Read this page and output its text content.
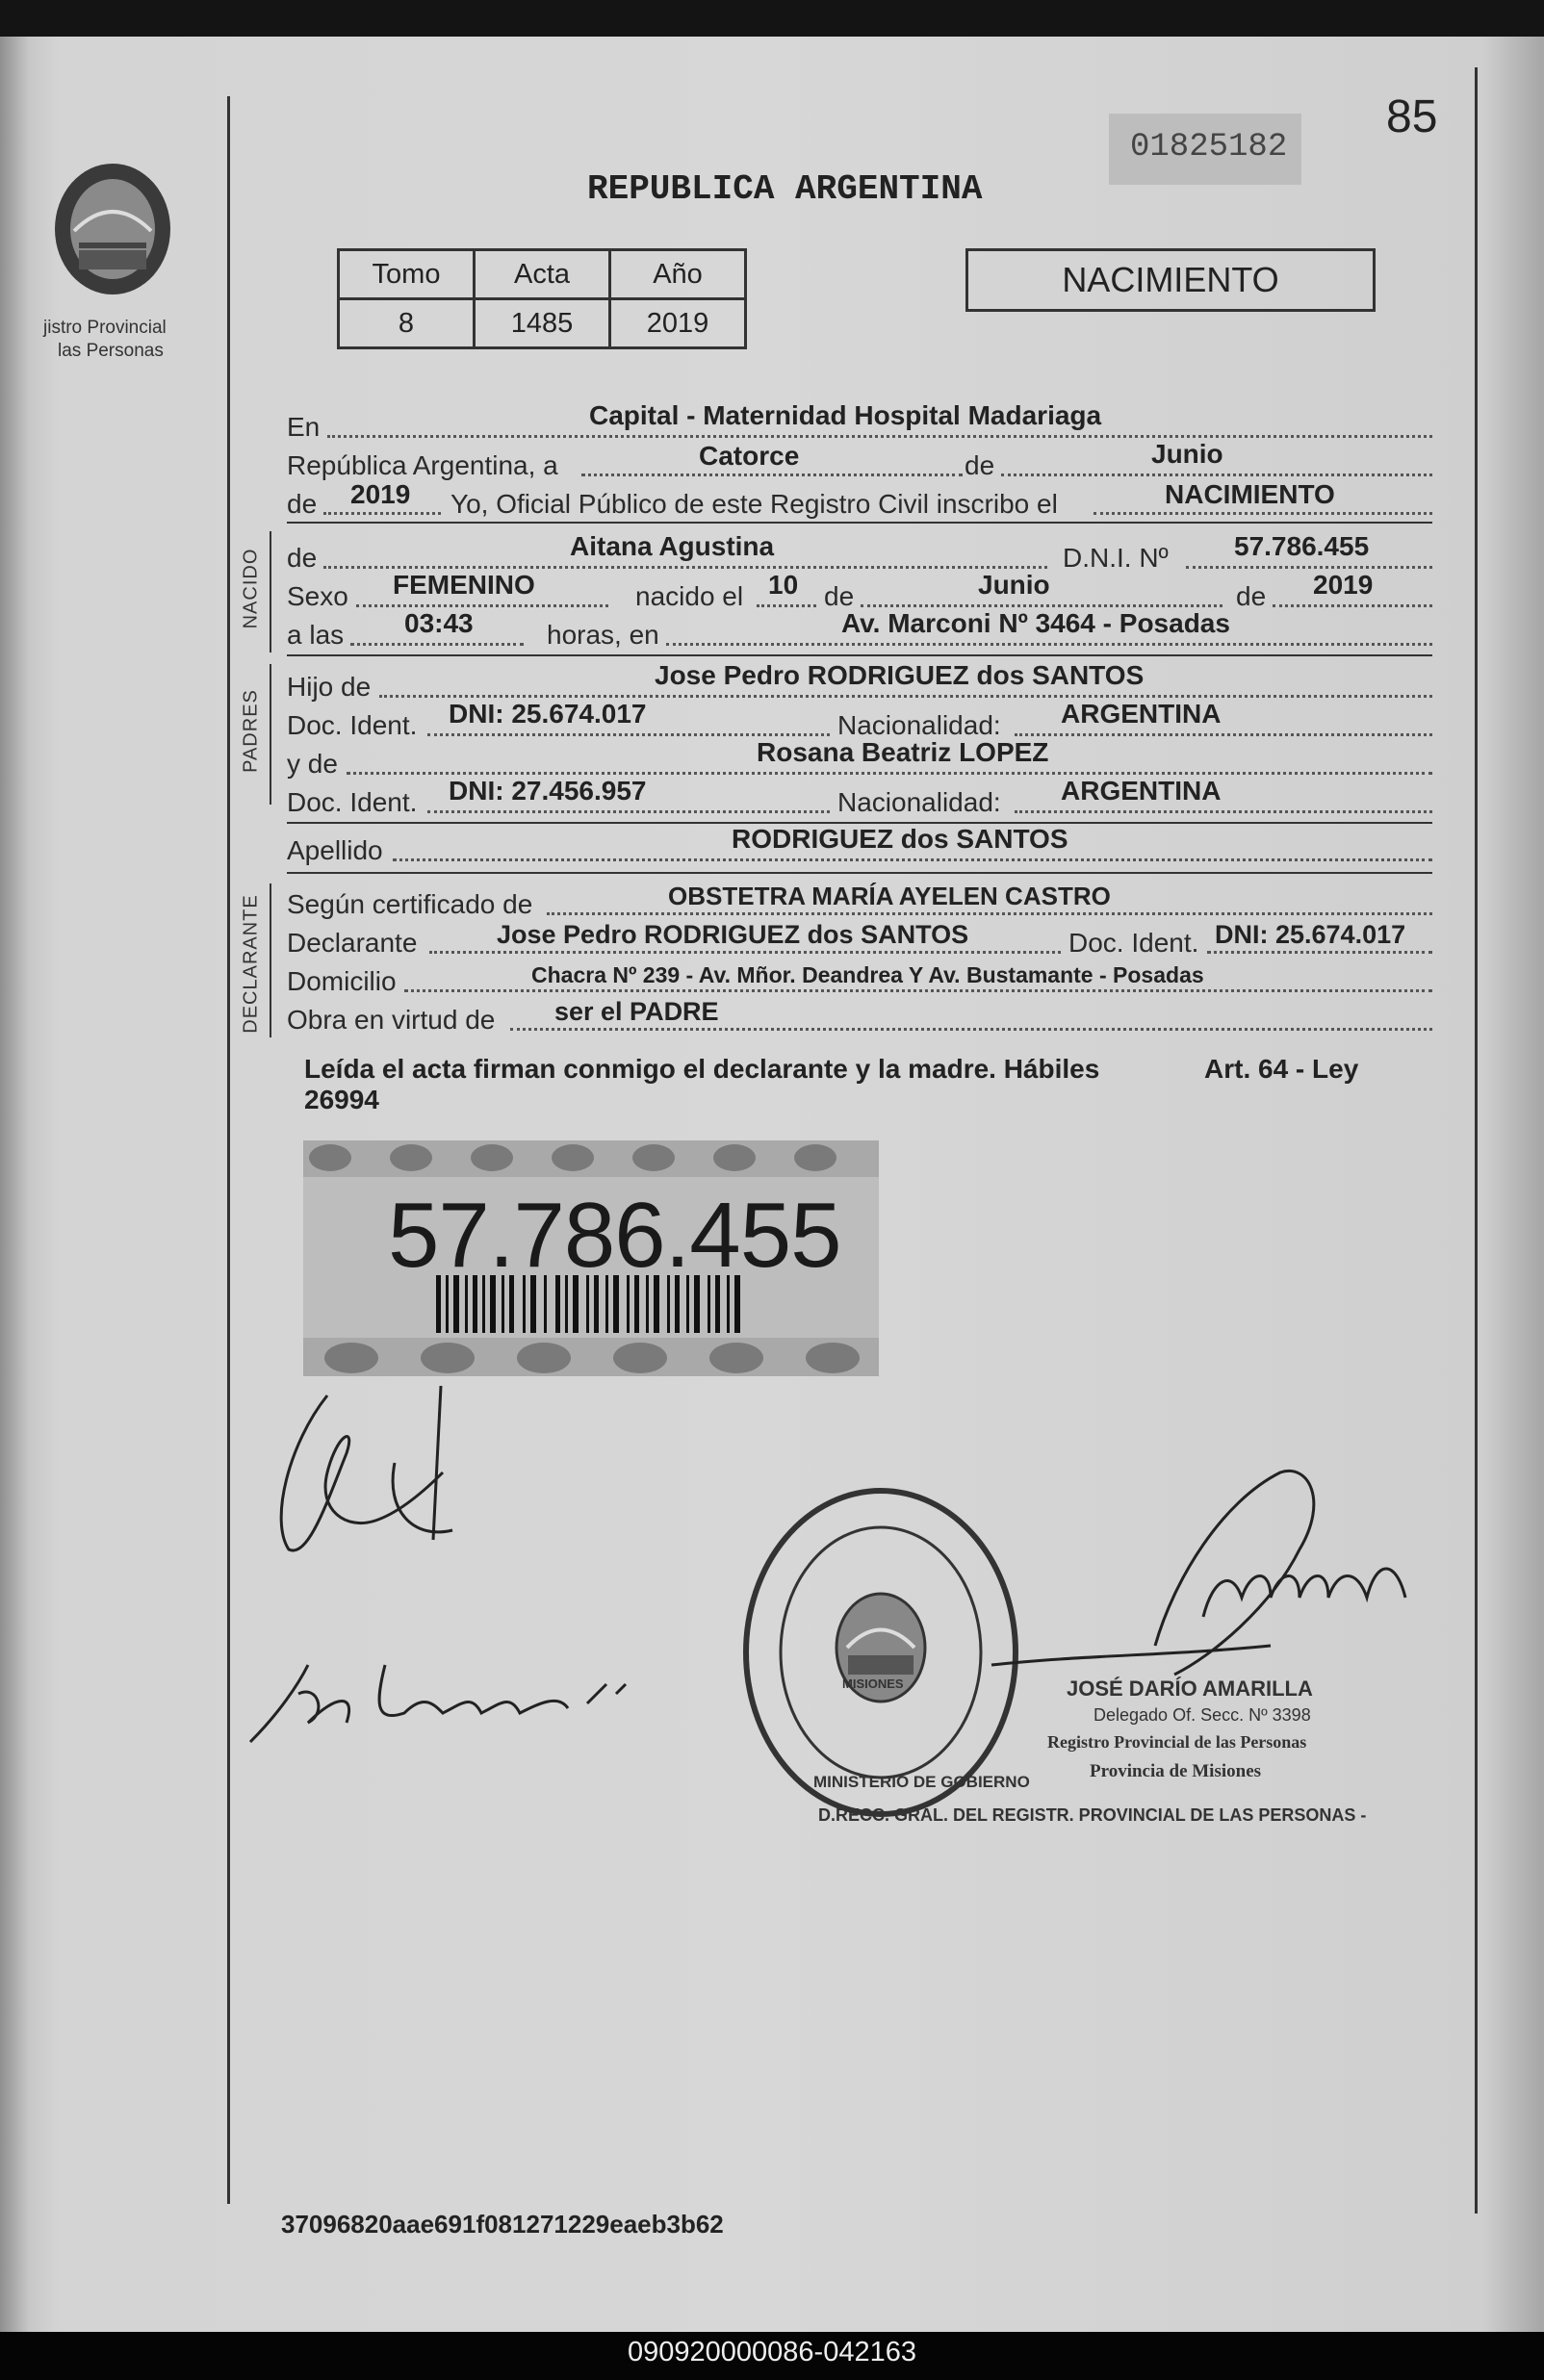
jistro Provincial
las Personas
01825182
85
REPUBLICA ARGENTINA
Tomo	Acta	Año
8	1485	2019
NACIMIENTO
En	Capital - Maternidad Hospital Madariaga
República Argentina, a	Catorce	de	Junio
de 2019 Yo, Oficial Público de este Registro Civil inscribo el	NACIMIENTO
NACIDO de	Aitana Agustina	D.N.I. Nº 57.786.455
Sexo FEMENINO	nacido el 10 de	Junio	de 2019
a las 03:43	horas, en	Av. Marconi Nº 3464 - Posadas
PADRES
Hijo de	Jose Pedro RODRIGUEZ dos SANTOS
Doc. Ident. DNI: 25.674.017	Nacionalidad: ARGENTINA
y de	Rosana Beatriz LOPEZ
Doc. Ident. DNI: 27.456.957	Nacionalidad: ARGENTINA
Apellido	RODRIGUEZ dos SANTOS
DECLARANTE Según certificado de	OBSTETRA MARÍA AYELEN CASTRO
Declarante	Jose Pedro RODRIGUEZ dos SANTOS	Doc. Ident. DNI: 25.674.017
Domicilio	Chacra Nº 239 - Av. Mñor. Deandrea Y Av. Bustamante - Posadas
Obra en virtud de ser el PADRE
Leída el acta firman conmigo el declarante y la madre. Hábiles	Art. 64 - Ley
26994
57.786.455
D.RECC. GRAL. DEL REGISTR. PROVINCIAL DE LAS PERSONAS -
MINISTERIO DE GOBIERNO
MISIONES	JOSÉ DARÍO AMARILLA
Delegado Of. Secc. Nº 3398
Registro Provincial de las Personas
Provincia de Misiones
37096820aae691f081271229eaeb3b62
090920000086-042163
